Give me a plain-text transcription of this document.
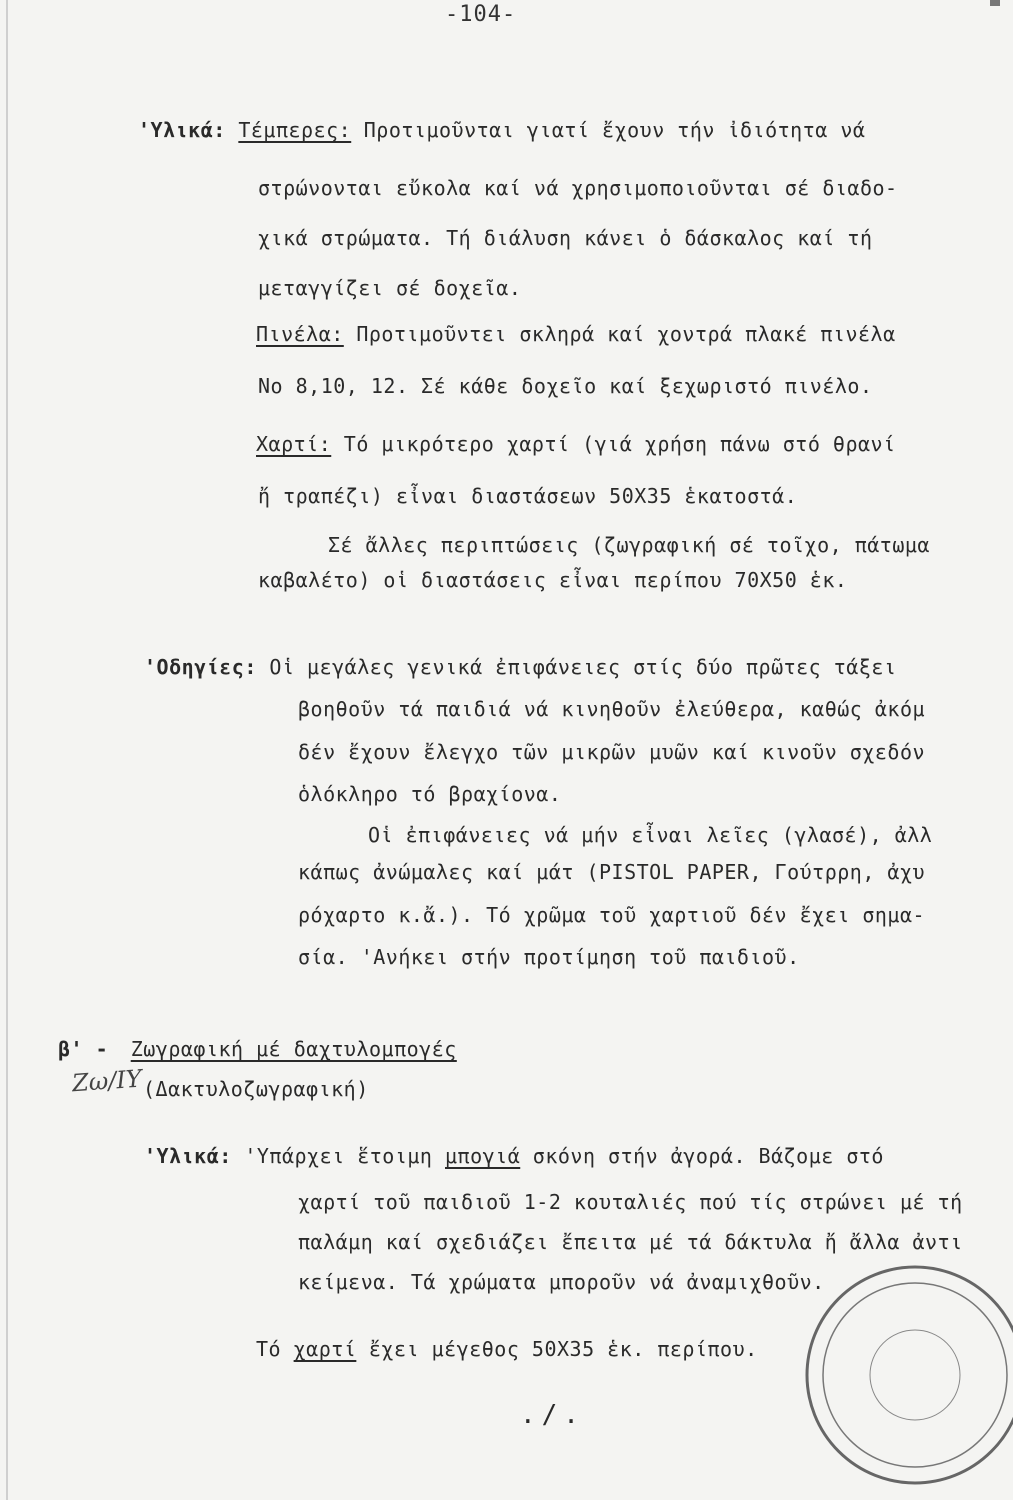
-104-
'Υλικά: Τέμπερες: Προτιμοῦνται γιατί ἔχουν τήν ἰδιότητα νά
στρώνονται εὔκολα καί νά χρησιμοποιοῦνται σέ διαδο-
χικά στρώματα. Τή διάλυση κάνει ὁ δάσκαλος καί τή
μεταγγίζει σέ δοχεῖα.
Πινέλα: Προτιμοῦντει σκληρά καί χοντρά πλακέ πινέλα
Νο 8,10, 12. Σέ κάθε δοχεῖο καί ξεχωριστό πινέλο.
Χαρτί: Τό μικρότερο χαρτί (γιά χρήση πάνω στό θρανί
ἤ τραπέζι) εἶναι διαστάσεων 50Χ35 ἑκατοστά.
Σέ ἄλλες περιπτώσεις (ζωγραφική σέ τοῖχο, πάτωμα
καβαλέτο) οἱ διαστάσεις εἶναι περίπου 70Χ50 ἑκ.
'Οδηγίες: Οἱ μεγάλες γενικά ἐπιφάνειες στίς δύο πρῶτες τάξει
βοηθοῦν τά παιδιά νά κινηθοῦν ἐλεύθερα, καθώς ἀκόμ
δέν ἔχουν ἔλεγχο τῶν μικρῶν μυῶν καί κινοῦν σχεδόν
ὁλόκληρο τό βραχίονα.
Οἱ ἐπιφάνειες νά μήν εἶναι λεῖες (γλασέ), ἀλλ
κάπως ἀνώμαλες καί μάτ (PISTOL PAPER, Γούτρρη, ἀχυ
ρόχαρτο κ.ἄ.). Τό χρῶμα τοῦ χαρτιοῦ δέν ἔχει σημα-
σία. 'Ανήκει στήν προτίμηση τοῦ παιδιοῦ.
β' - Ζωγραφική μέ δαχτυλομπογές
(Δακτυλοζωγραφική)
Ζω/ΙΥ
'Υλικά: 'Υπάρχει ἕτοιμη μπογιά σκόνη στήν ἀγορά. Βάζομε στό
χαρτί τοῦ παιδιοῦ 1-2 κουταλιές πού τίς στρώνει μέ τή
παλάμη καί σχεδιάζει ἔπειτα μέ τά δάκτυλα ἤ ἄλλα ἀντι
κείμενα. Τά χρώματα μποροῦν νά ἀναμιχθοῦν.
Τό χαρτί ἔχει μέγεθος 50Χ35 ἑκ. περίπου.
./.
